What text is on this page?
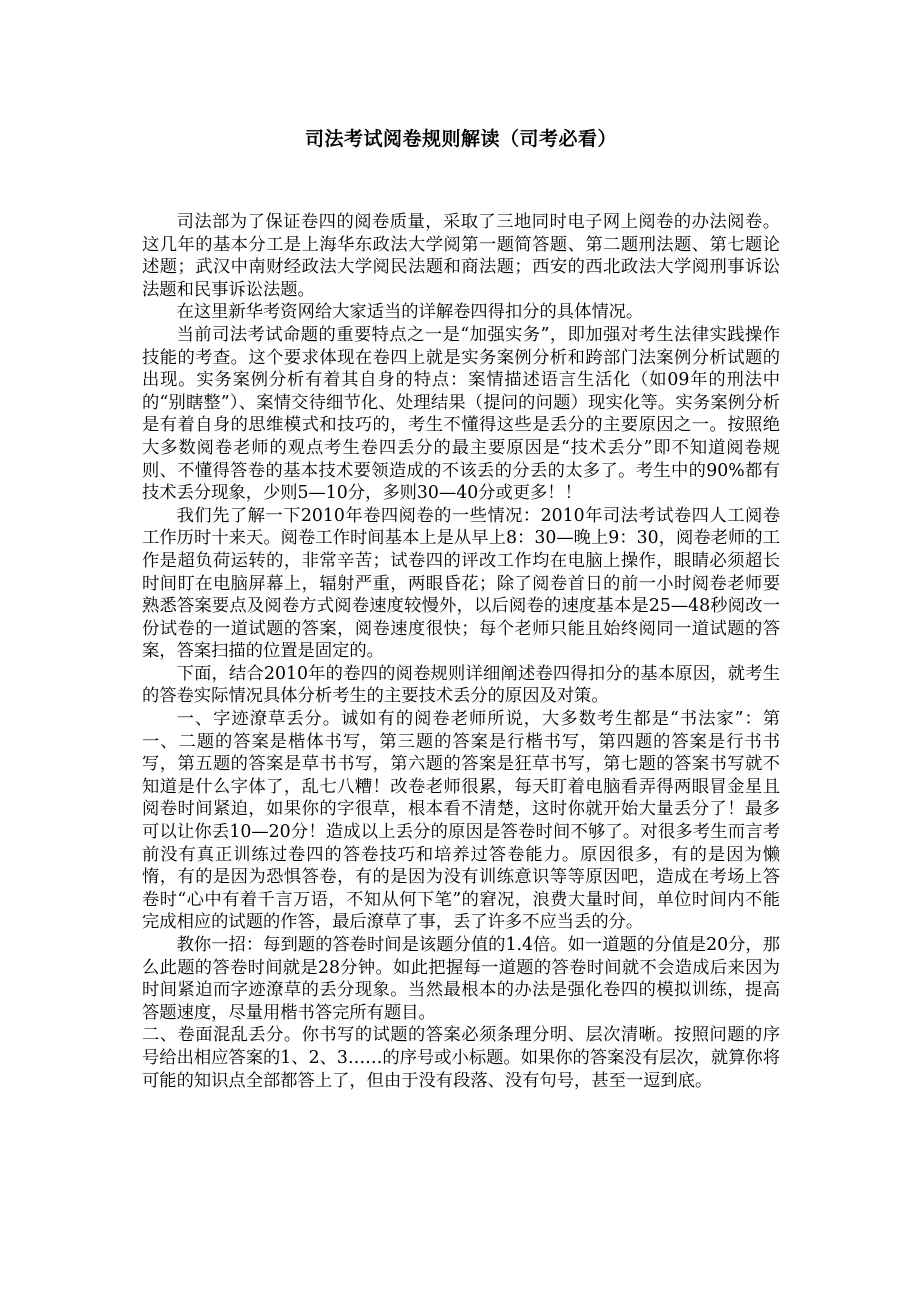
司法考试阅卷规则解读（司考必看）

司法部为了保证卷四的阅卷质量，采取了三地同时电子网上阅卷的办法阅卷。这几年的基本分工是上海华东政法大学阅第一题简答题、第二题刑法题、第七题论述题；武汉中南财经政法大学阅民法题和商法题；西安的西北政法大学阅刑事诉讼法题和民事诉讼法题。

在这里新华考资网给大家适当的详解卷四得扣分的具体情况。

当前司法考试命题的重要特点之一是“加强实务”，即加强对考生法律实践操作技能的考查。这个要求体现在卷四上就是实务案例分析和跨部门法案例分析试题的出现。实务案例分析有着其自身的特点：案情描述语言生活化（如09年的刑法中的“别瞎整”）、案情交待细节化、处理结果（提问的问题）现实化等。实务案例分析是有着自身的思维模式和技巧的，考生不懂得这些是丢分的主要原因之一。按照绝大多数阅卷老师的观点考生卷四丢分的最主要原因是“技术丢分”即不知道阅卷规则、不懂得答卷的基本技术要领造成的不该丢的分丢的太多了。考生中的90%都有技术丢分现象，少则5—10分，多则30—40分或更多！！

我们先了解一下2010年卷四阅卷的一些情况：2010年司法考试卷四人工阅卷工作历时十来天。阅卷工作时间基本上是从早上8：30—晚上9：30，阅卷老师的工作是超负荷运转的，非常辛苦；试卷四的评改工作均在电脑上操作，眼睛必须超长时间盯在电脑屏幕上，辐射严重，两眼昏花；除了阅卷首日的前一小时阅卷老师要熟悉答案要点及阅卷方式阅卷速度较慢外，以后阅卷的速度基本是25—48秒阅改一份试卷的一道试题的答案，阅卷速度很快；每个老师只能且始终阅同一道试题的答案，答案扫描的位置是固定的。

下面，结合2010年的卷四的阅卷规则详细阐述卷四得扣分的基本原因，就考生的答卷实际情况具体分析考生的主要技术丢分的原因及对策。

一、字迹潦草丢分。诚如有的阅卷老师所说，大多数考生都是“书法家”：第一、二题的答案是楷体书写，第三题的答案是行楷书写，第四题的答案是行书书写，第五题的答案是草书书写，第六题的答案是狂草书写，第七题的答案书写就不知道是什么字体了，乱七八糟！改卷老师很累，每天盯着电脑看弄得两眼冒金星且阅卷时间紧迫，如果你的字很草，根本看不清楚，这时你就开始大量丢分了！最多可以让你丢10—20分！造成以上丢分的原因是答卷时间不够了。对很多考生而言考前没有真正训练过卷四的答卷技巧和培养过答卷能力。原因很多，有的是因为懒惰，有的是因为恐惧答卷，有的是因为没有训练意识等等原因吧，造成在考场上答卷时“心中有着千言万语，不知从何下笔”的窘况，浪费大量时间，单位时间内不能完成相应的试题的作答，最后潦草了事，丢了许多不应当丢的分。

教你一招：每到题的答卷时间是该题分值的1.4倍。如一道题的分值是20分，那么此题的答卷时间就是28分钟。如此把握每一道题的答卷时间就不会造成后来因为时间紧迫而字迹潦草的丢分现象。当然最根本的办法是强化卷四的模拟训练，提高答题速度，尽量用楷书答完所有题目。

二、卷面混乱丢分。你书写的试题的答案必须条理分明、层次清晰。按照问题的序号给出相应答案的1、2、3……的序号或小标题。如果你的答案没有层次，就算你将可能的知识点全部都答上了，但由于没有段落、没有句号，甚至一逗到底。
